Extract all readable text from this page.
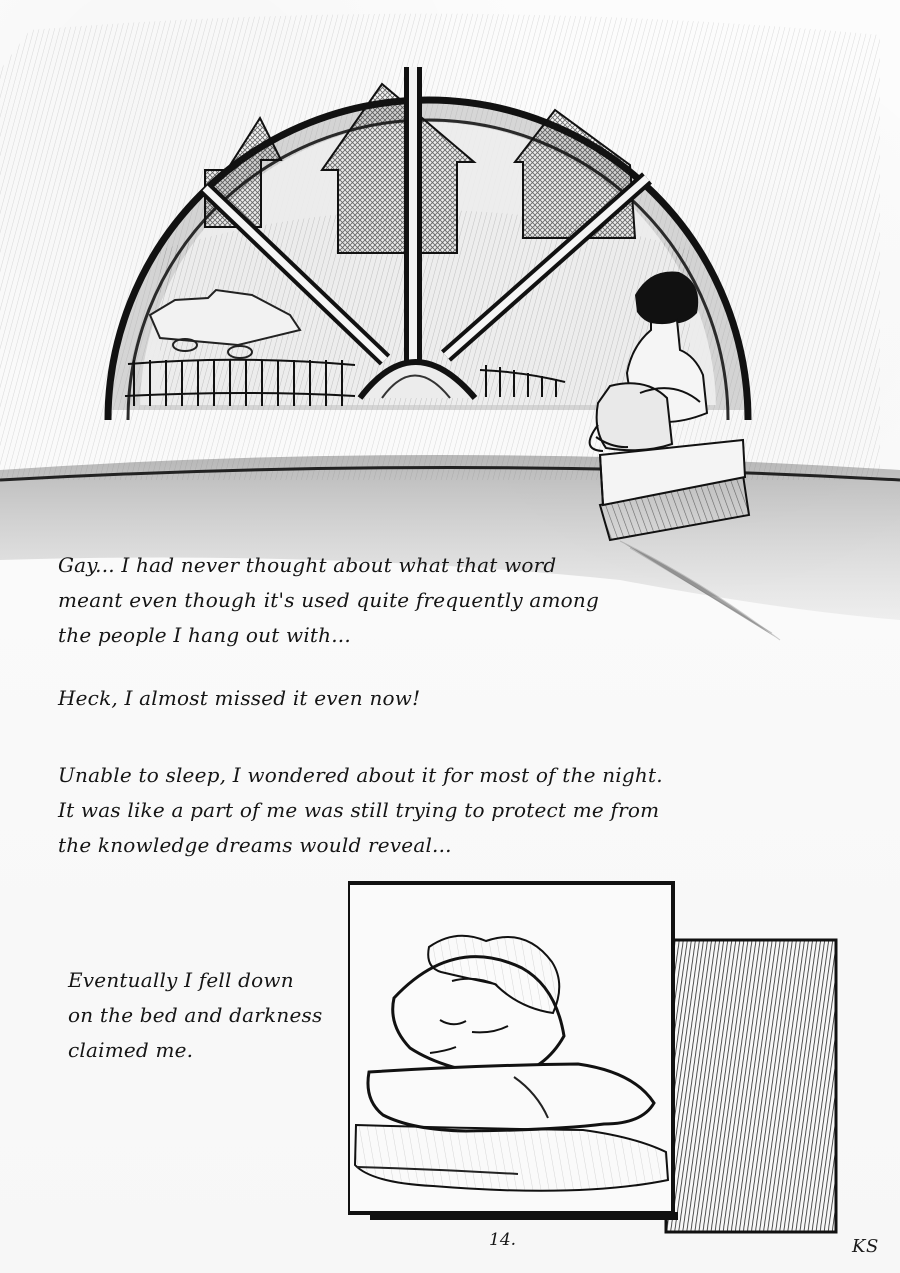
Gay... I had never thought about what that word
meant even though it's used quite frequently among
the people I hang out with...
Heck, I almost missed it even now!
Unable to sleep, I wondered about it for most of the night.
It was like a part of me was still trying to protect me from
the knowledge dreams would reveal...
Eventually I fell down
on the bed and darkness
claimed me.
14.	KS
